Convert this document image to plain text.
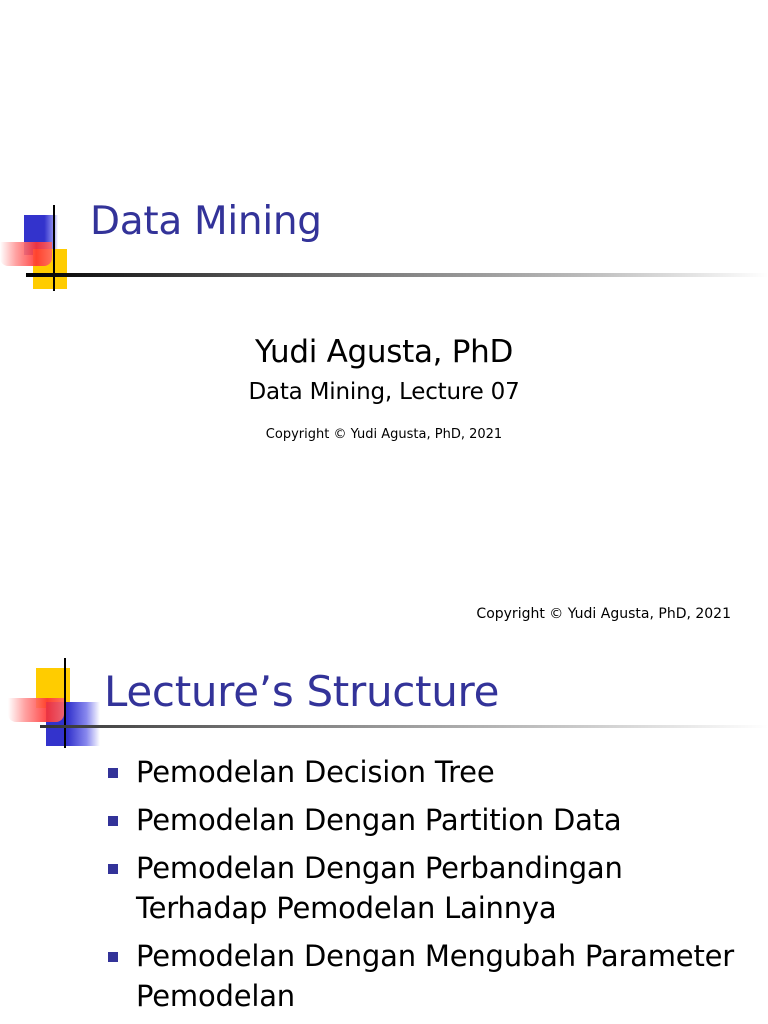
Data Mining
Yudi Agusta, PhD
Data Mining, Lecture 07
Copyright © Yudi Agusta, PhD, 2021
Copyright © Yudi Agusta, PhD, 2021
Lecture’s Structure
Pemodelan Decision Tree
Pemodelan Dengan Partition Data
Pemodelan Dengan Perbandingan Terhadap Pemodelan Lainnya
Pemodelan Dengan Mengubah Parameter Pemodelan
